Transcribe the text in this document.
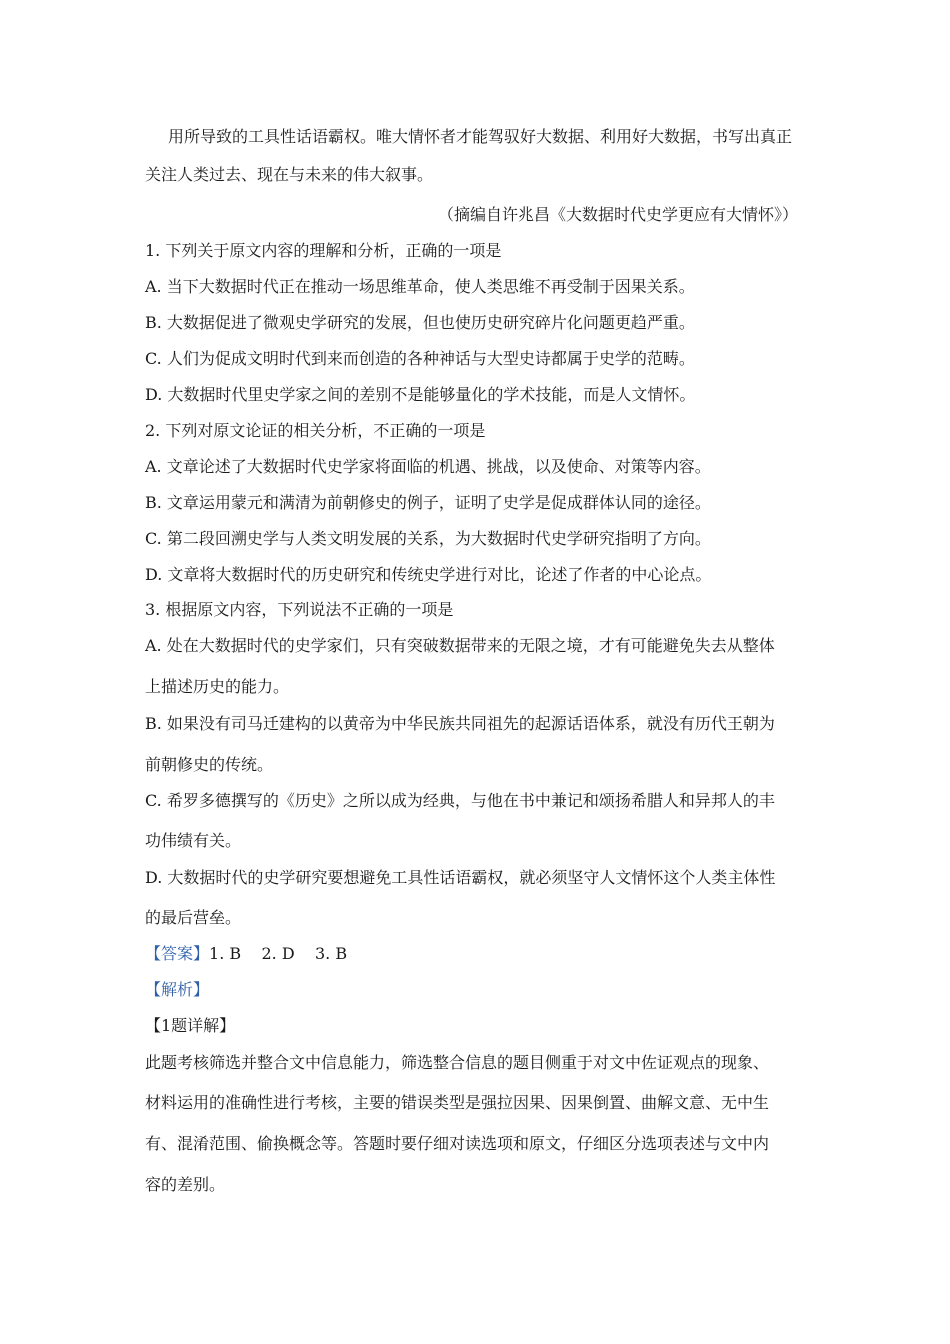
用所导致的工具性话语霸权。唯大情怀者才能驾驭好大数据、利用好大数据，书写出真正
关注人类过去、现在与未来的伟大叙事。
（摘编自许兆昌《大数据时代史学更应有大情怀》）
1. 下列关于原文内容的理解和分析，正确的一项是
A. 当下大数据时代正在推动一场思维革命，使人类思维不再受制于因果关系。
B. 大数据促进了微观史学研究的发展，但也使历史研究碎片化问题更趋严重。
C. 人们为促成文明时代到来而创造的各种神话与大型史诗都属于史学的范畴。
D. 大数据时代里史学家之间的差别不是能够量化的学术技能，而是人文情怀。
2. 下列对原文论证的相关分析，不正确的一项是
A. 文章论述了大数据时代史学家将面临的机遇、挑战，以及使命、对策等内容。
B. 文章运用蒙元和满清为前朝修史的例子，证明了史学是促成群体认同的途径。
C. 第二段回溯史学与人类文明发展的关系，为大数据时代史学研究指明了方向。
D. 文章将大数据时代的历史研究和传统史学进行对比，论述了作者的中心论点。
3. 根据原文内容，下列说法不正确的一项是
A. 处在大数据时代的史学家们，只有突破数据带来的无限之境，才有可能避免失去从整体
上描述历史的能力。
B. 如果没有司马迁建构的以黄帝为中华民族共同祖先的起源话语体系，就没有历代王朝为
前朝修史的传统。
C. 希罗多德撰写的《历史》之所以成为经典，与他在书中兼记和颂扬希腊人和异邦人的丰
功伟绩有关。
D. 大数据时代的史学研究要想避免工具性话语霸权，就必须坚守人文情怀这个人类主体性
的最后营垒。
【答案】1. B    2. D    3. B
【解析】
【1题详解】
此题考核筛选并整合文中信息能力，筛选整合信息的题目侧重于对文中佐证观点的现象、
材料运用的准确性进行考核，主要的错误类型是强拉因果、因果倒置、曲解文意、无中生
有、混淆范围、偷换概念等。答题时要仔细对读选项和原文，仔细区分选项表述与文中内
容的差别。
